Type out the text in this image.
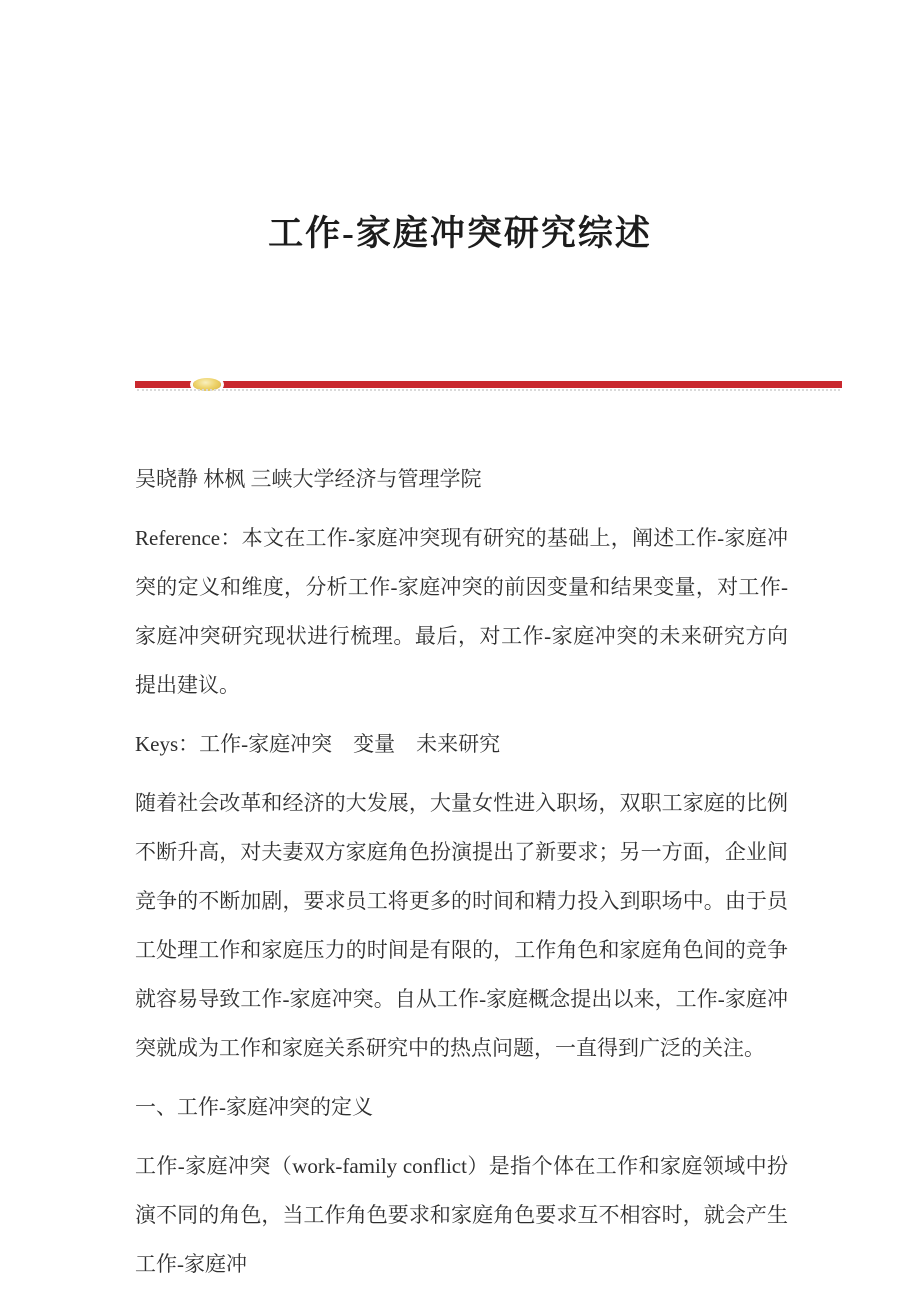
工作-家庭冲突研究综述

吴晓静 林枫 三峡大学经济与管理学院

Reference：本文在工作-家庭冲突现有研究的基础上，阐述工作-家庭冲突的定义和维度，分析工作-家庭冲突的前因变量和结果变量，对工作-家庭冲突研究现状进行梳理。最后，对工作-家庭冲突的未来研究方向提出建议。

Keys：工作-家庭冲突　变量　未来研究

随着社会改革和经济的大发展，大量女性进入职场，双职工家庭的比例不断升高，对夫妻双方家庭角色扮演提出了新要求；另一方面，企业间竞争的不断加剧，要求员工将更多的时间和精力投入到职场中。由于员工处理工作和家庭压力的时间是有限的，工作角色和家庭角色间的竞争就容易导致工作-家庭冲突。自从工作-家庭概念提出以来，工作-家庭冲突就成为工作和家庭关系研究中的热点问题，一直得到广泛的关注。

一、工作-家庭冲突的定义

工作-家庭冲突（work-family conflict）是指个体在工作和家庭领域中扮演不同的角色，当工作角色要求和家庭角色要求互不相容时，就会产生工作-家庭冲
